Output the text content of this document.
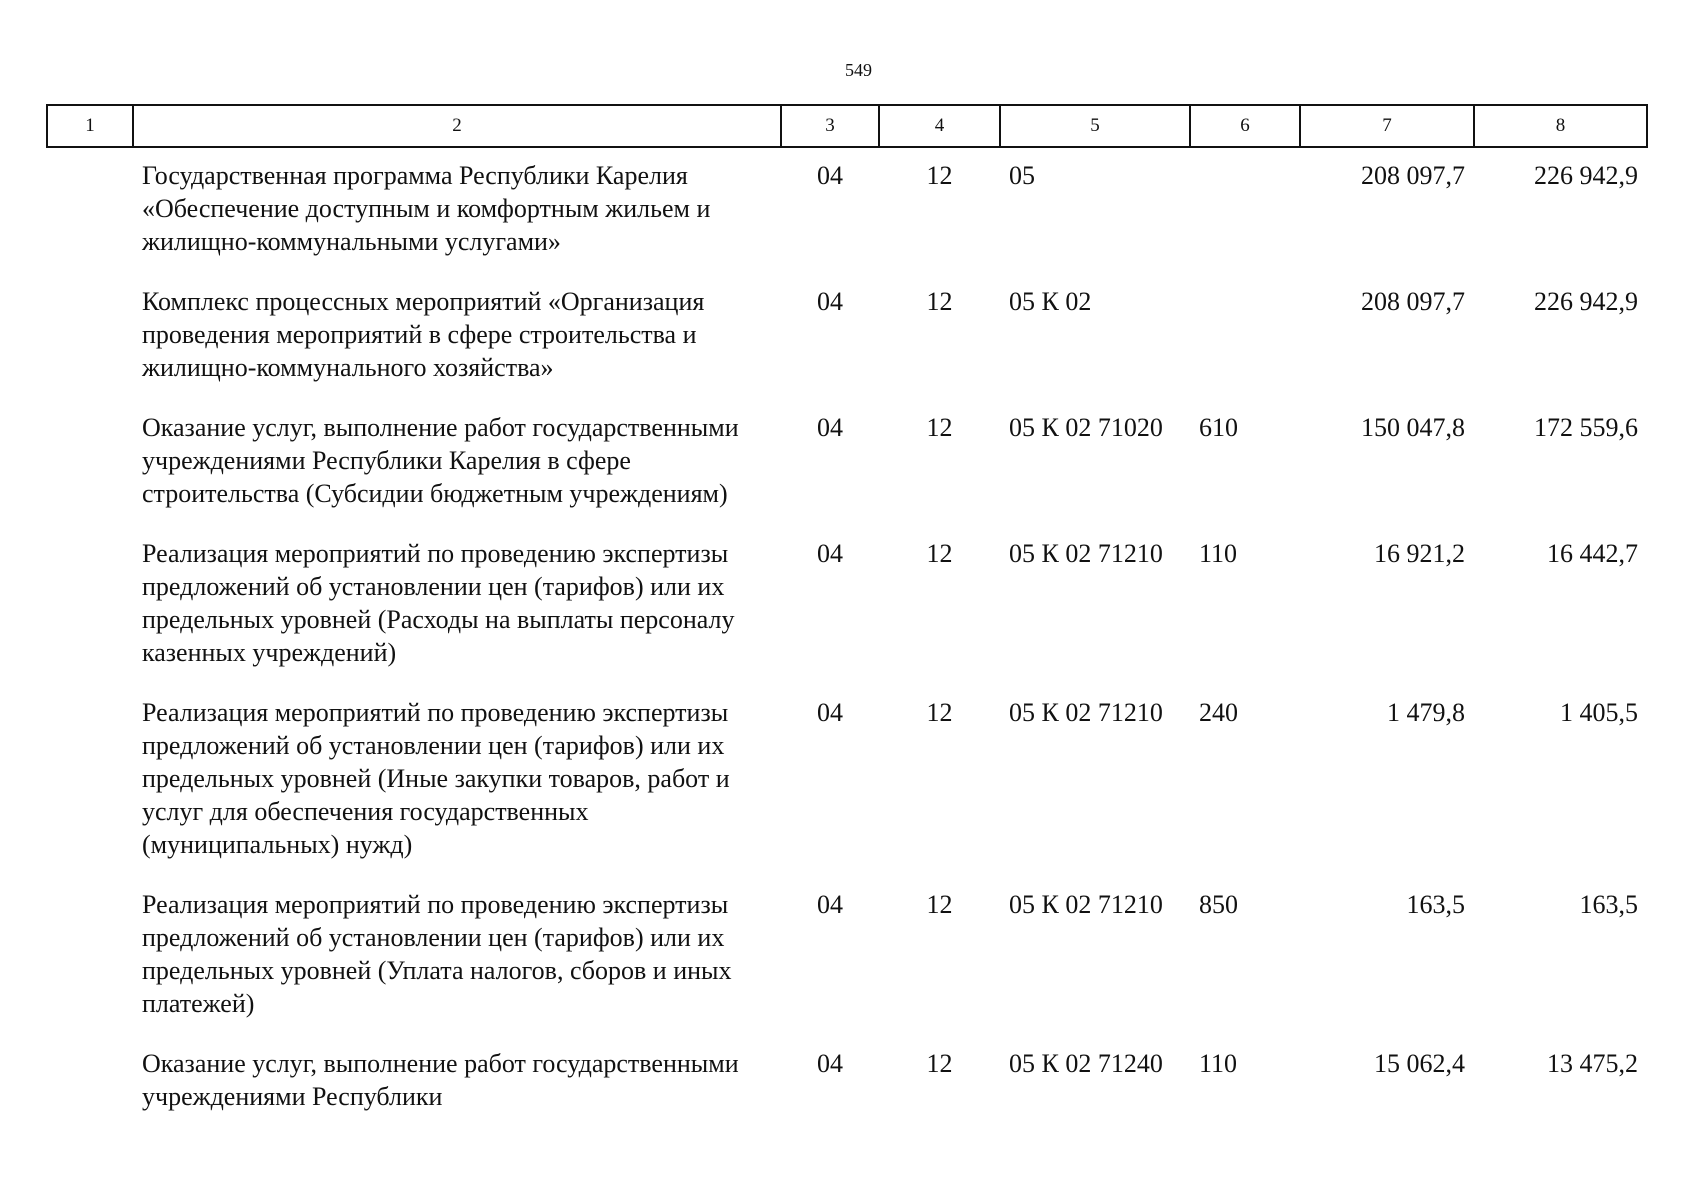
549
1	2	3	4	5	6	7	8
	Государственная программа Республики Карелия «Обеспечение доступным и комфортным жильем и жилищно-коммунальными услугами»	04	12	05		208 097,7	226 942,9
	Комплекс процессных мероприятий «Организация проведения мероприятий в сфере строительства и жилищно-коммунального хозяйства»	04	12	05 К 02		208 097,7	226 942,9
	Оказание услуг, выполнение работ государственными учреждениями Республики Карелия в сфере строительства (Субсидии бюджетным учреждениям)	04	12	05 К 02 71020	610	150 047,8	172 559,6
	Реализация мероприятий по проведению экспертизы предложений об установлении цен (тарифов) или их предельных уровней (Расходы на выплаты персоналу казенных учреждений)	04	12	05 К 02 71210	110	16 921,2	16 442,7
	Реализация мероприятий по проведению экспертизы предложений об установлении цен (тарифов) или их предельных уровней (Иные закупки товаров, работ и услуг для обеспечения государственных (муниципальных) нужд)	04	12	05 К 02 71210	240	1 479,8	1 405,5
	Реализация мероприятий по проведению экспертизы предложений об установлении цен (тарифов) или их предельных уровней (Уплата налогов, сборов и иных платежей)	04	12	05 К 02 71210	850	163,5	163,5
	Оказание услуг, выполнение работ государственными учреждениями Республики	04	12	05 К 02 71240	110	15 062,4	13 475,2
